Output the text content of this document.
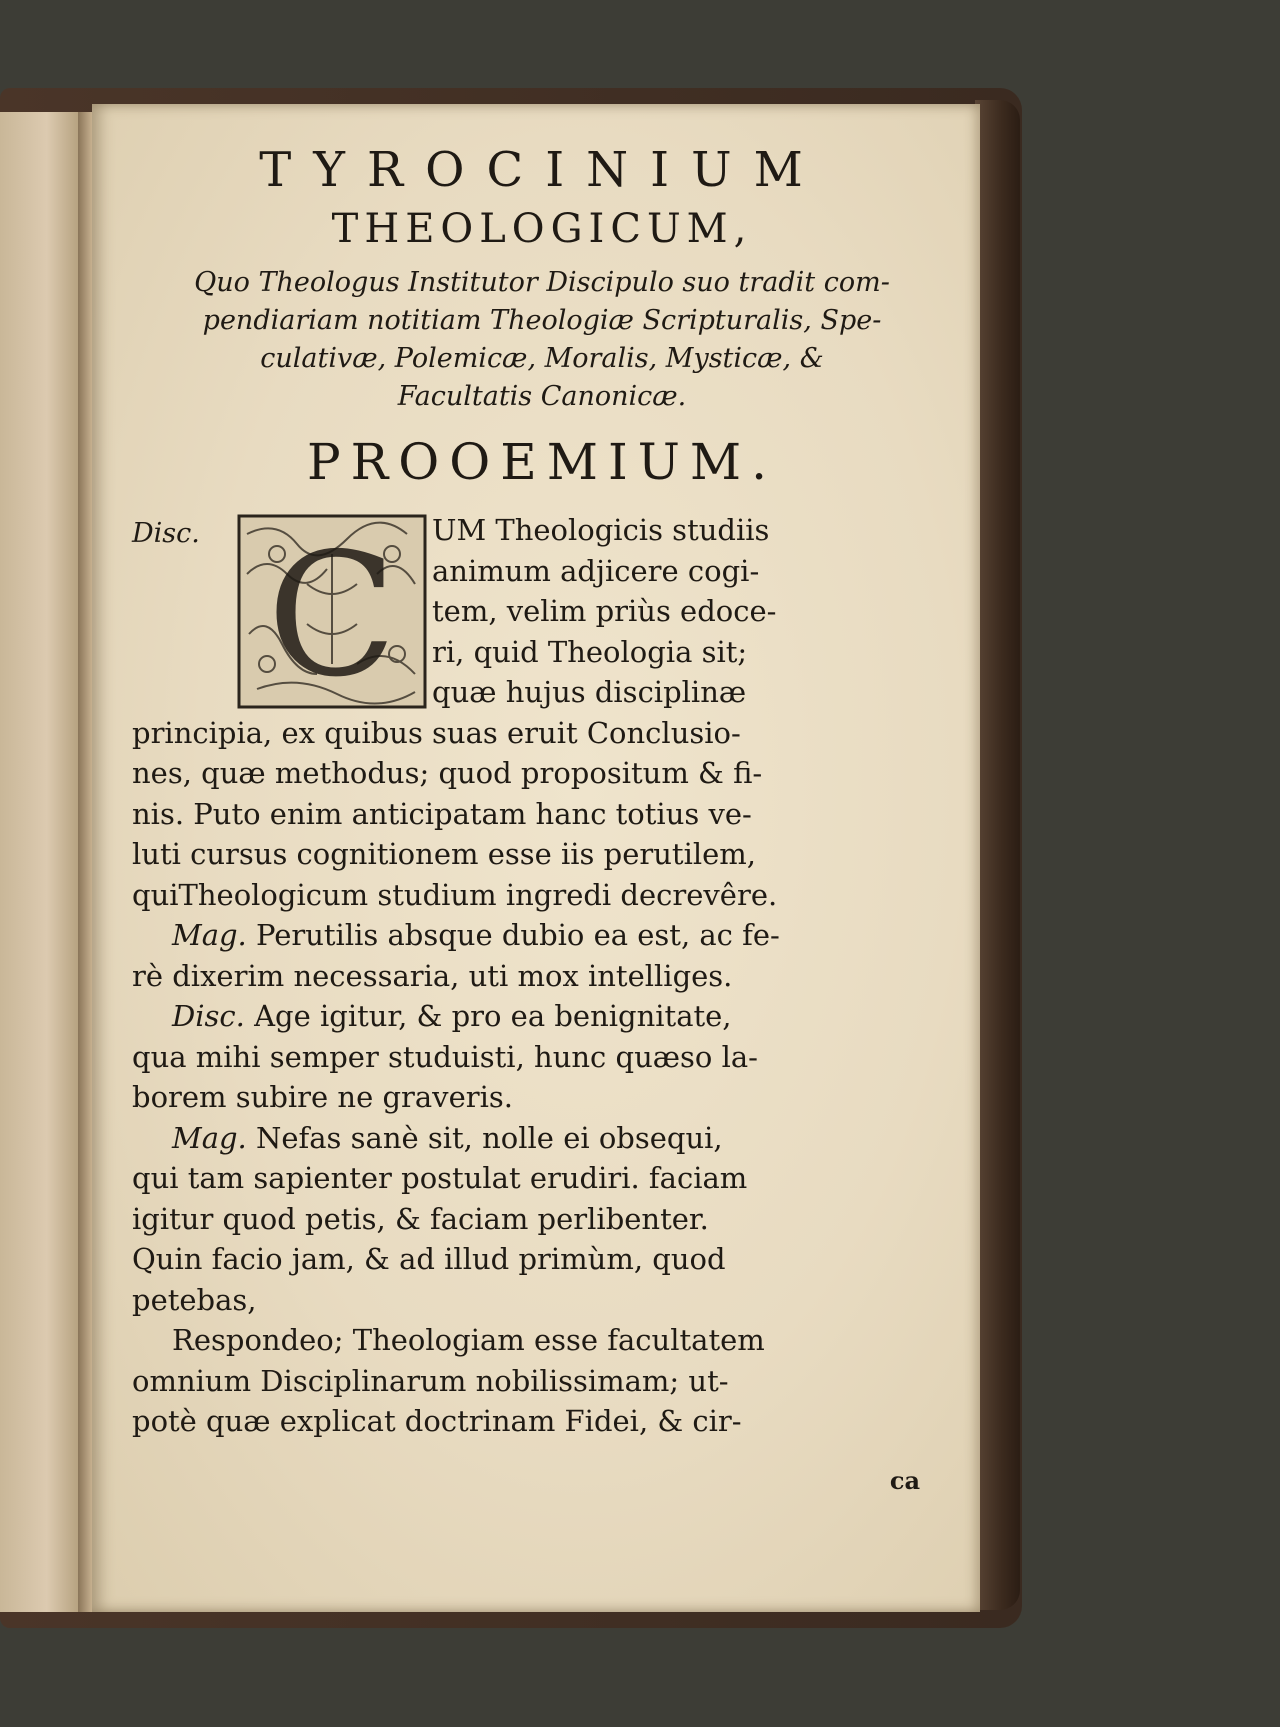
TYROCINIUM
THEOLOGICUM,
Quo Theologus Institutor Discipulo suo tradit com-
pendiariam notitiam Theologiæ Scripturalis, Spe-
culativæ, Polemicæ, Moralis, Mysticæ, &
Facultatis Canonicæ.
PROOEMIUM.
Disc. C	UM Theologicis studiis
animum adjicere cogi-
tem, velim priùs edoce-
ri, quid Theologia sit;
quæ hujus disciplinæ
principia, ex quibus suas eruit Conclusio-
nes, quæ methodus; quod propositum & fi-
nis. Puto enim anticipatam hanc totius ve-
luti cursus cognitionem esse iis perutilem,
quiTheologicum studium ingredi decrevêre.
Mag. Perutilis absque dubio ea est, ac fe-
rè dixerim necessaria, uti mox intelliges.
Disc. Age igitur, & pro ea benignitate,
qua mihi semper studuisti, hunc quæso la-
borem subire ne graveris.
Mag. Nefas sanè sit, nolle ei obsequi,
qui tam sapienter postulat erudiri. faciam
igitur quod petis, & faciam perlibenter.
Quin facio jam, & ad illud primùm, quod
petebas,
Respondeo; Theologiam esse facultatem
omnium Disciplinarum nobilissimam; ut-
potè quæ explicat doctrinam Fidei, & cir-
ca
